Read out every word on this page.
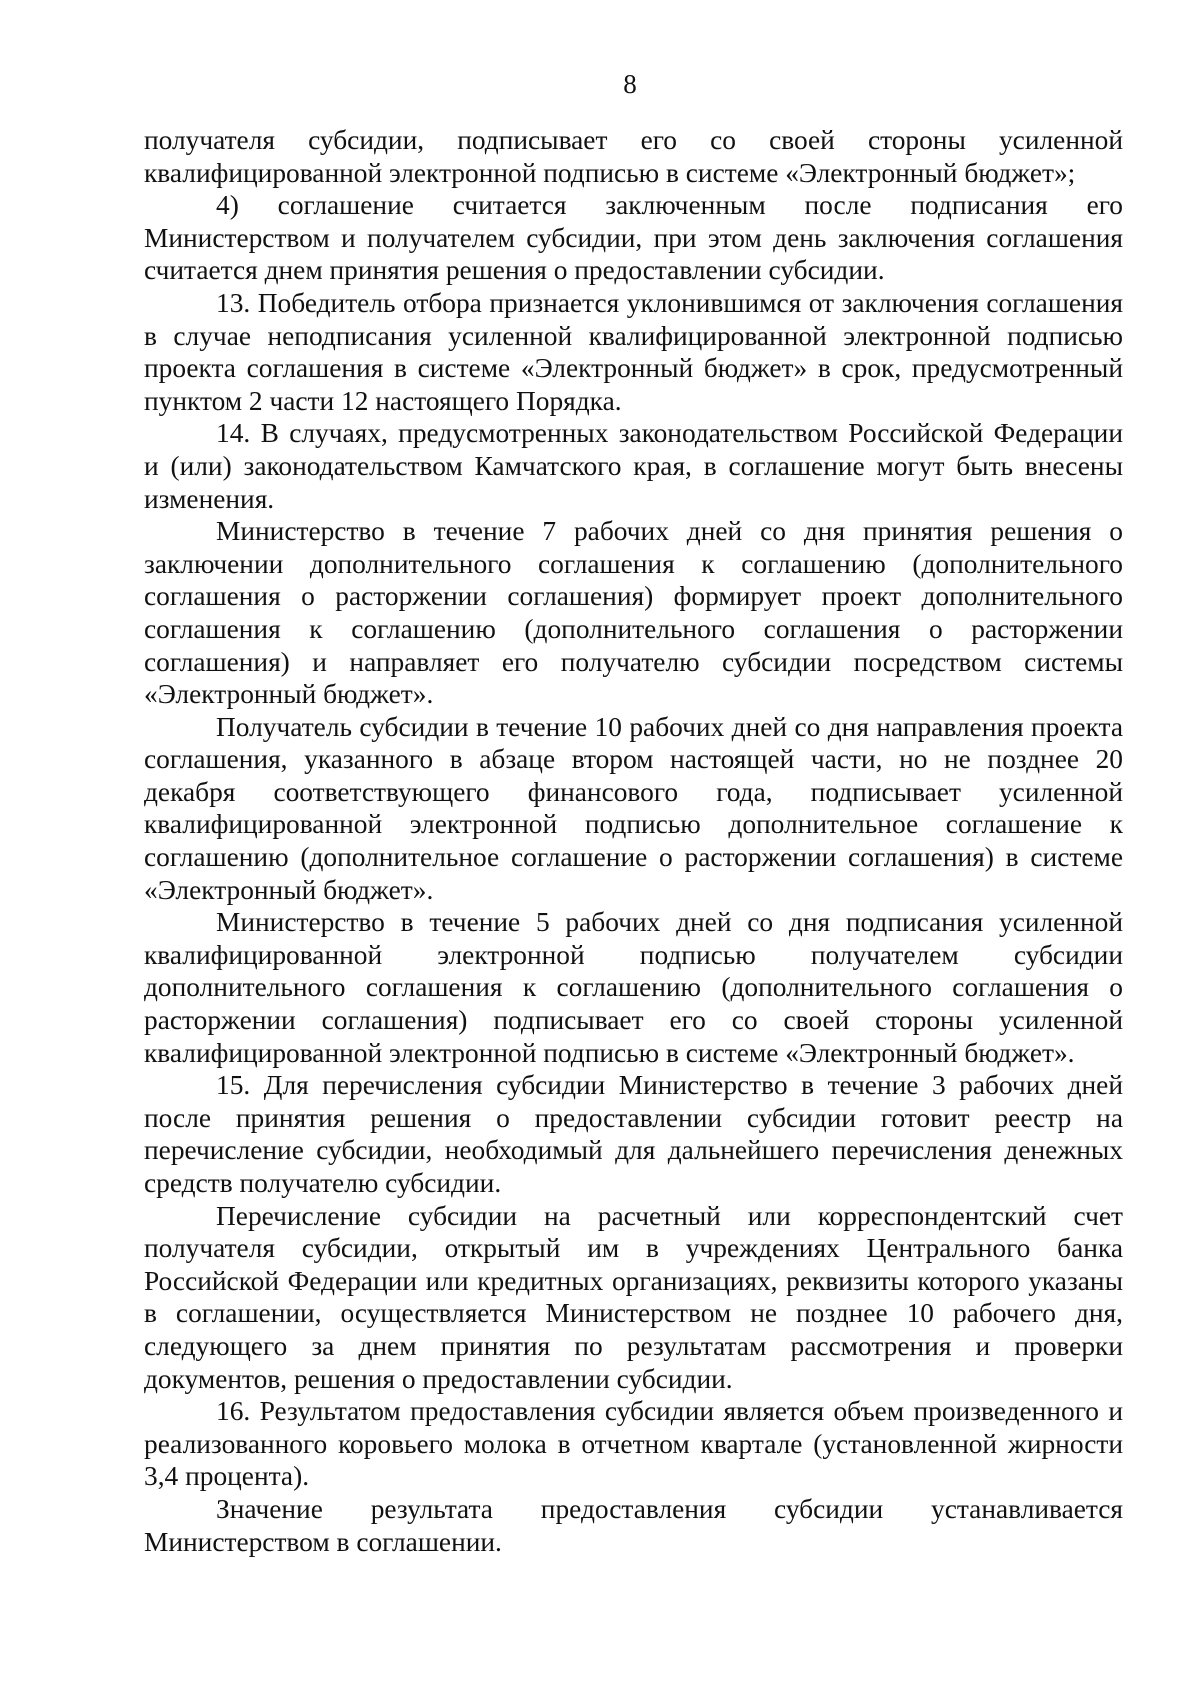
8

получателя субсидии, подписывает его со своей стороны усиленной квалифицированной электронной подписью в системе «Электронный бюджет»;

4) соглашение считается заключенным после подписания его Министерством и получателем субсидии, при этом день заключения соглашения считается днем принятия решения о предоставлении субсидии.

13. Победитель отбора признается уклонившимся от заключения соглашения в случае неподписания усиленной квалифицированной электронной подписью проекта соглашения в системе «Электронный бюджет» в срок, предусмотренный пунктом 2 части 12 настоящего Порядка.

14. В случаях, предусмотренных законодательством Российской Федерации и (или) законодательством Камчатского края, в соглашение могут быть внесены изменения.

Министерство в течение 7 рабочих дней со дня принятия решения о заключении дополнительного соглашения к соглашению (дополнительного соглашения о расторжении соглашения) формирует проект дополнительного соглашения к соглашению (дополнительного соглашения о расторжении соглашения) и направляет его получателю субсидии посредством системы «Электронный бюджет».

Получатель субсидии в течение 10 рабочих дней со дня направления проекта соглашения, указанного в абзаце втором настоящей части, но не позднее 20 декабря соответствующего финансового года, подписывает усиленной квалифицированной электронной подписью дополнительное соглашение к соглашению (дополнительное соглашение о расторжении соглашения) в системе «Электронный бюджет».

Министерство в течение 5 рабочих дней со дня подписания усиленной квалифицированной электронной подписью получателем субсидии дополнительного соглашения к соглашению (дополнительного соглашения о расторжении соглашения) подписывает его со своей стороны усиленной квалифицированной электронной подписью в системе «Электронный бюджет».

15. Для перечисления субсидии Министерство в течение 3 рабочих дней после принятия решения о предоставлении субсидии готовит реестр на перечисление субсидии, необходимый для дальнейшего перечисления денежных средств получателю субсидии.

Перечисление субсидии на расчетный или корреспондентский счет получателя субсидии, открытый им в учреждениях Центрального банка Российской Федерации или кредитных организациях, реквизиты которого указаны в соглашении, осуществляется Министерством не позднее 10 рабочего дня, следующего за днем принятия по результатам рассмотрения и проверки документов, решения о предоставлении субсидии.

16. Результатом предоставления субсидии является объем произведенного и реализованного коровьего молока в отчетном квартале (установленной жирности 3,4 процента).

Значение результата предоставления субсидии устанавливается Министерством в соглашении.
